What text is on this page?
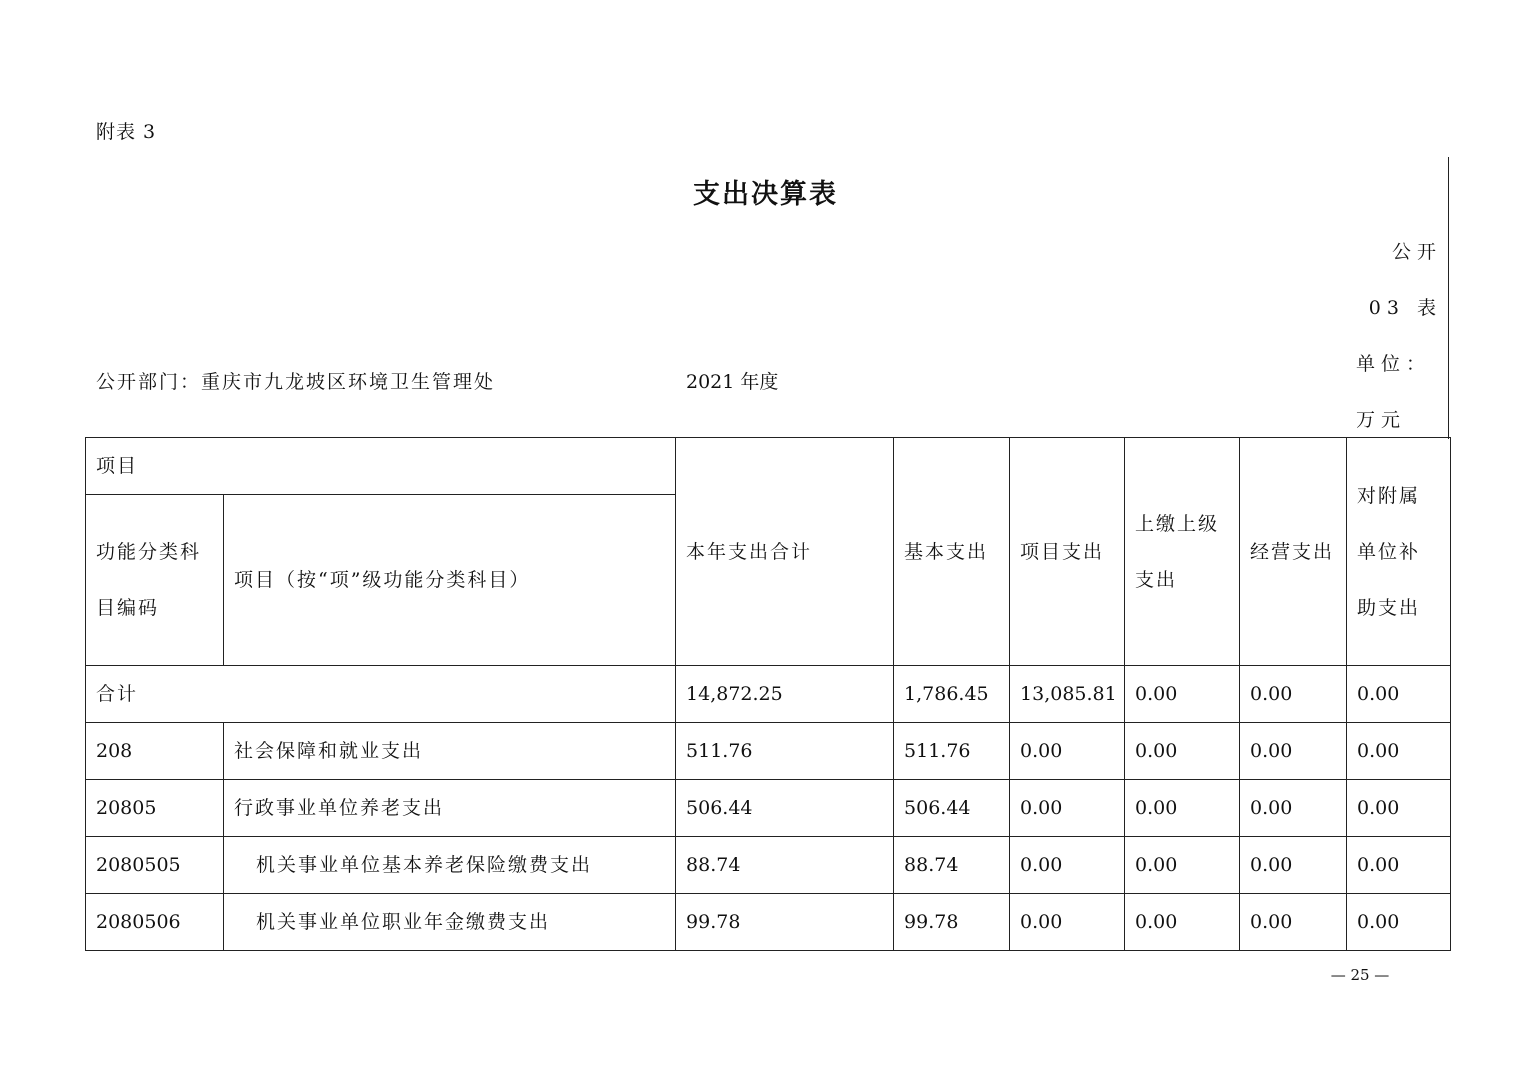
附表 3
支出决算表
公开 03 表
单位：万元
公开部门：重庆市九龙坡区环境卫生管理处	2021 年度
项目		本年支出合计	基本支出	项目支出	上缴上级支出	经营支出	对附属单位补助支出
功能分类科目编码	项目（按“项”级功能分类科目）						
合计		14,872.25	1,786.45	13,085.81	0.00	0.00	0.00
208	社会保障和就业支出	511.76	511.76	0.00	0.00	0.00	0.00
20805	行政事业单位养老支出	506.44	506.44	0.00	0.00	0.00	0.00
2080505	机关事业单位基本养老保险缴费支出	88.74	88.74	0.00	0.00	0.00	0.00
2080506	机关事业单位职业年金缴费支出	99.78	99.78	0.00	0.00	0.00	0.00
— 25 —
